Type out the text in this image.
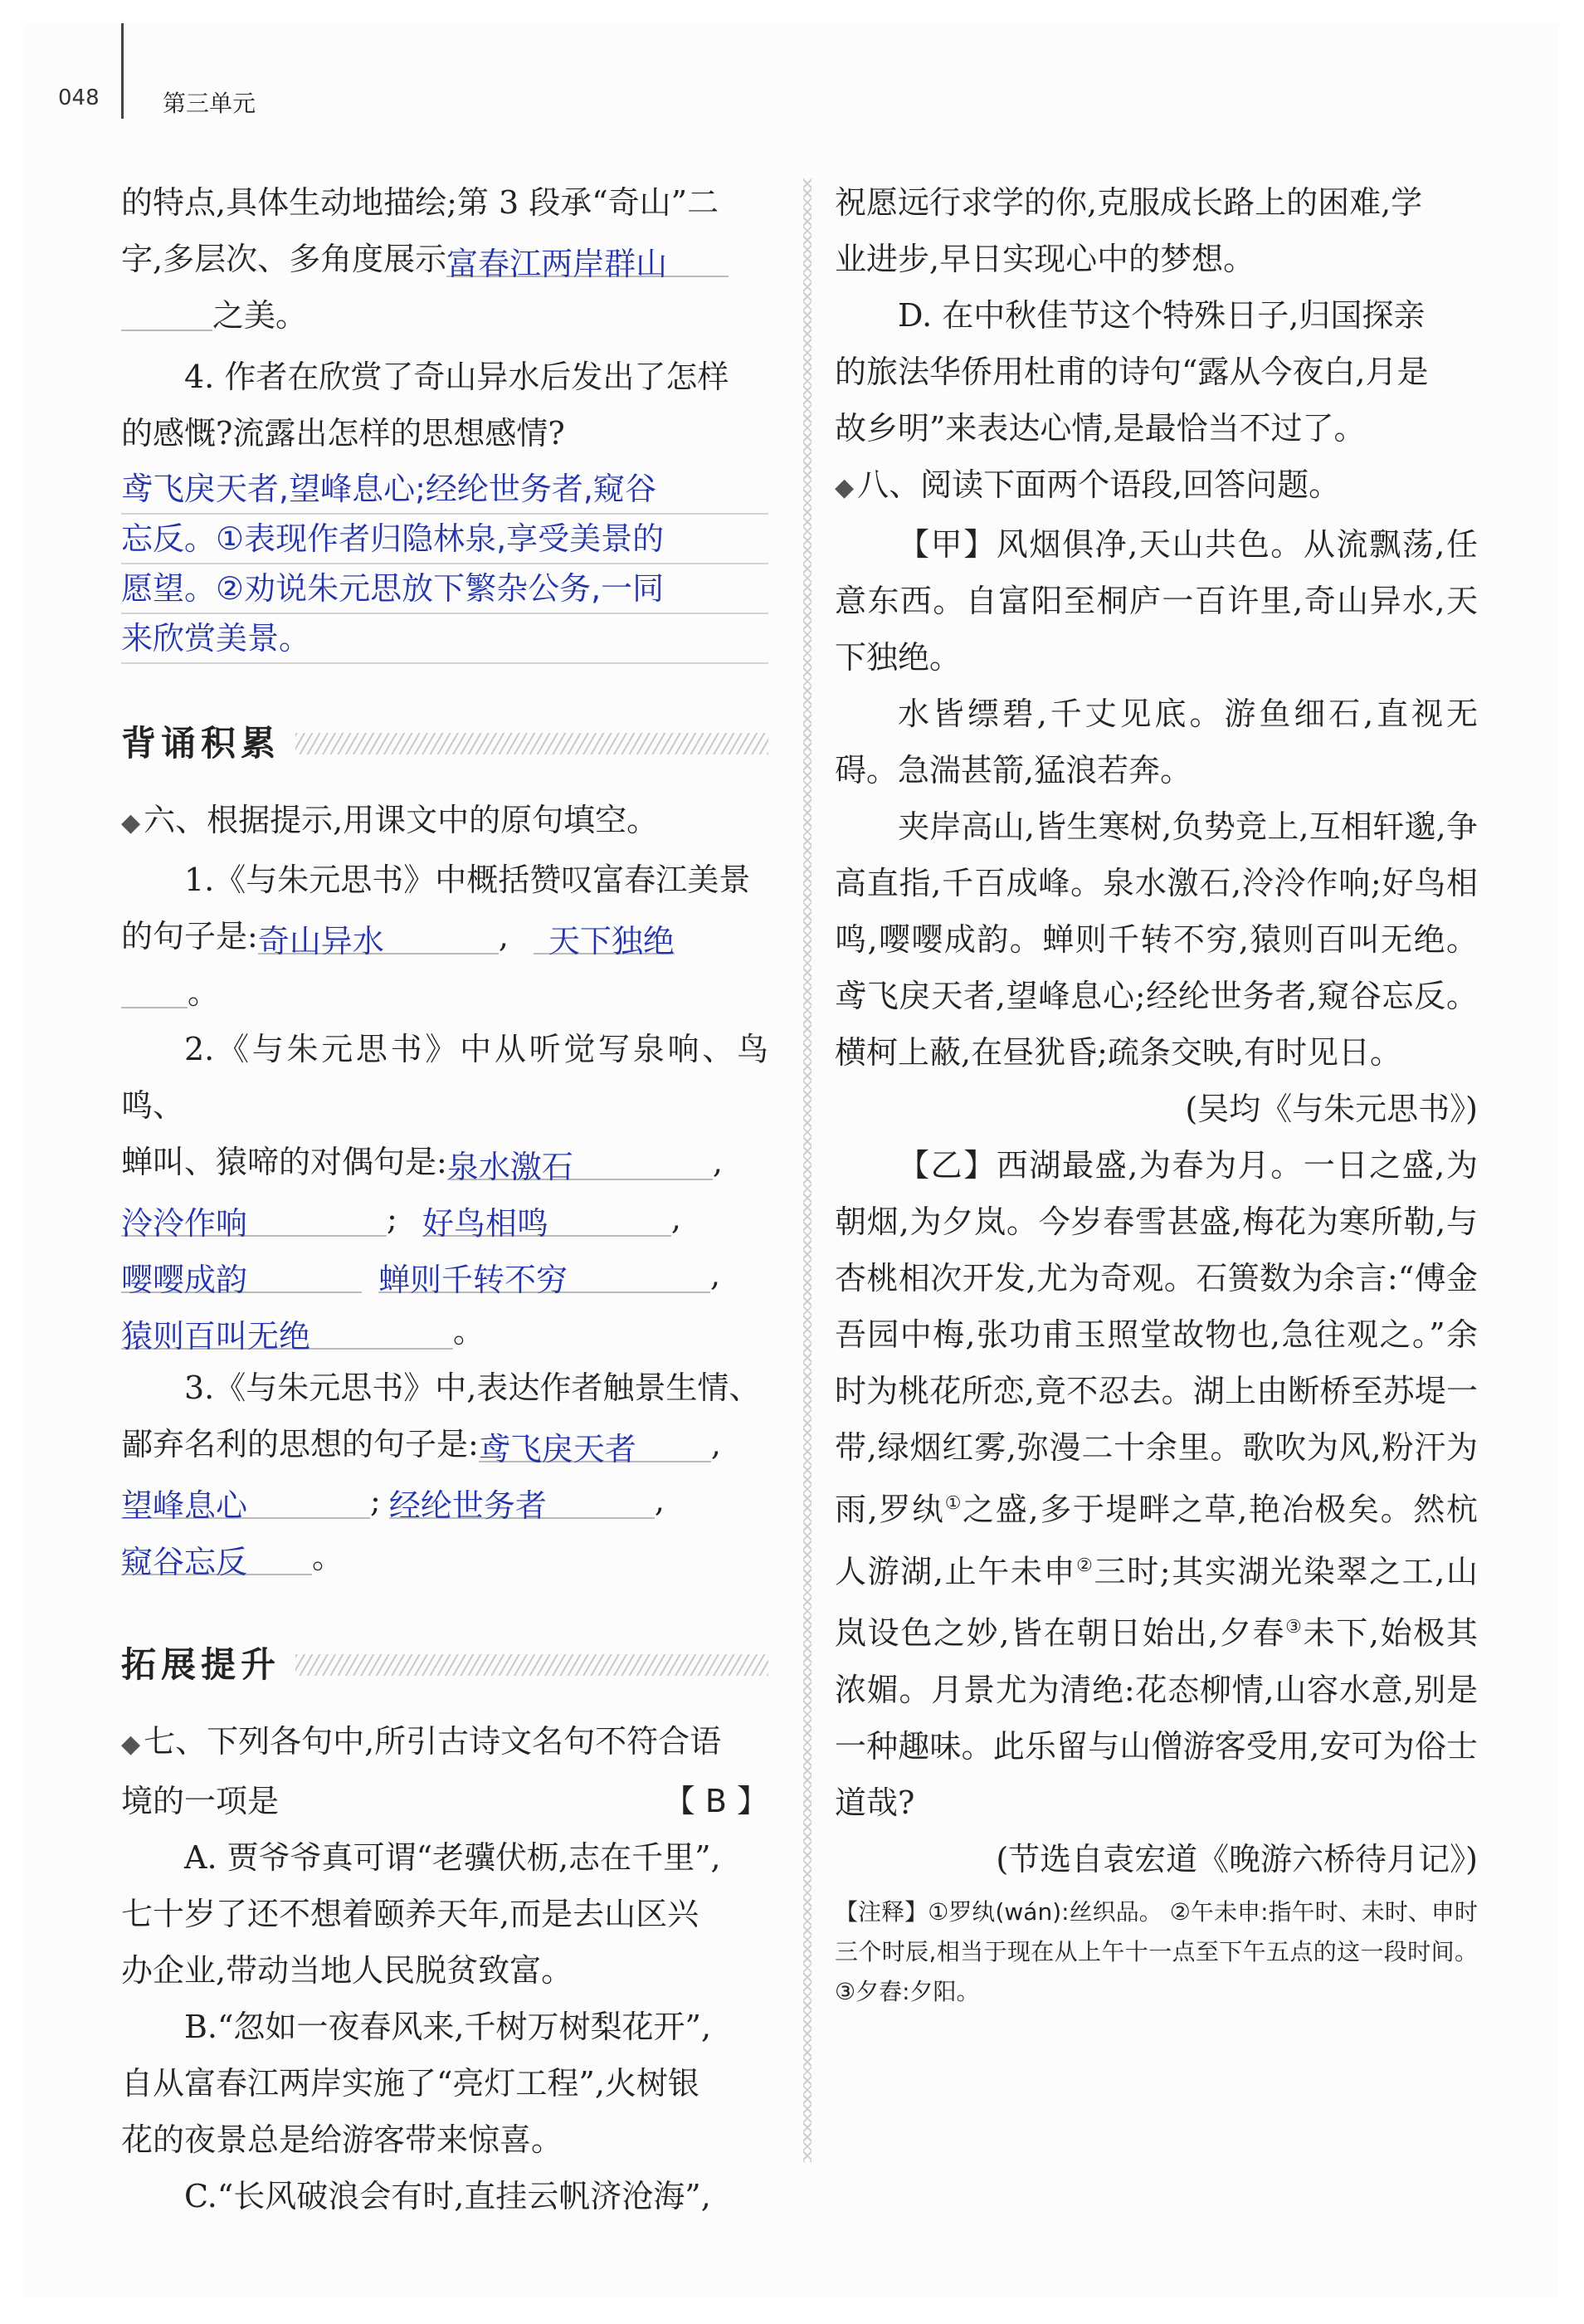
048	第三单元

的特点,具体生动地描绘;第 3 段承“奇山”二

字,多层次、多角度展示富春江两岸群山

之美。

4. 作者在欣赏了奇山异水后发出了怎样

的感慨?流露出怎样的思想感情?

鸢飞戾天者,望峰息心;经纶世务者,窥谷
忘反。①表现作者归隐林泉,享受美景的
愿望。②劝说朱元思放下繁杂公务,一同
来欣赏美景。
背诵积累

◆ 六、根据提示,用课文中的原句填空。

1.《与朱元思书》中概括赞叹富春江美景

的句子是:奇山异水	, 天下独绝

。

2.《与朱元思书》中从听觉写泉响、鸟鸣、

蝉叫、猿啼的对偶句是:泉水激石	,

泠泠作响	; 好鸟相鸣	,

嘤嘤成韵	蝉则千转不穷	,

猿则百叫无绝	。

3.《与朱元思书》中,表达作者触景生情、

鄙弃名利的思想的句子是:鸢飞戾天者 ,

望峰息心	; 经纶世务者	,

窥谷忘反 。

拓展提升

◆ 七、下列各句中,所引古诗文名句不符合语

境的一项是	【 B 】

A. 贾爷爷真可谓“老骥伏枥,志在千里”,

七十岁了还不想着颐养天年,而是去山区兴

办企业,带动当地人民脱贫致富。

B.“忽如一夜春风来,千树万树梨花开”,

自从富春江两岸实施了“亮灯工程”,火树银

花的夜景总是给游客带来惊喜。

C.“长风破浪会有时,直挂云帆济沧海”,

祝愿远行求学的你,克服成长路上的困难,学

业进步,早日实现心中的梦想。

D. 在中秋佳节这个特殊日子,归国探亲

的旅法华侨用杜甫的诗句“露从今夜白,月是

故乡明”来表达心情,是最恰当不过了。

◆ 八、阅读下面两个语段,回答问题。

【甲】风烟俱净,天山共色。从流飘荡,任意东西。自富阳至桐庐一百许里,奇山异水,天下独绝。

水皆缥碧,千丈见底。游鱼细石,直视无碍。急湍甚箭,猛浪若奔。

夹岸高山,皆生寒树,负势竞上,互相轩邈,争高直指,千百成峰。泉水激石,泠泠作响;好鸟相鸣,嘤嘤成韵。蝉则千转不穷,猿则百叫无绝。鸢飞戾天者,望峰息心;经纶世务者,窥谷忘反。横柯上蔽,在昼犹昏;疏条交映,有时见日。

(吴均《与朱元思书》)

【乙】西湖最盛,为春为月。一日之盛,为朝烟,为夕岚。今岁春雪甚盛,梅花为寒所勒,与杏桃相次开发,尤为奇观。石篑数为余言:“傅金吾园中梅,张功甫玉照堂故物也,急往观之。”余时为桃花所恋,竟不忍去。湖上由断桥至苏堤一带,绿烟红雾,弥漫二十余里。歌吹为风,粉汗为雨,罗纨①之盛,多于堤畔之草,艳冶极矣。然杭人游湖,止午未申②三时;其实湖光染翠之工,山岚设色之妙,皆在朝日始出,夕春③未下,始极其浓媚。月景尤为清绝:花态柳情,山容水意,别是一种趣味。此乐留与山僧游客受用,安可为俗士道哉?

(节选自袁宏道《晚游六桥待月记》)

【注释】①罗纨(wán):丝织品。 ②午未申:指午时、未时、申时三个时辰,相当于现在从上午十一点至下午五点的这一段时间。 ③夕舂:夕阳。
